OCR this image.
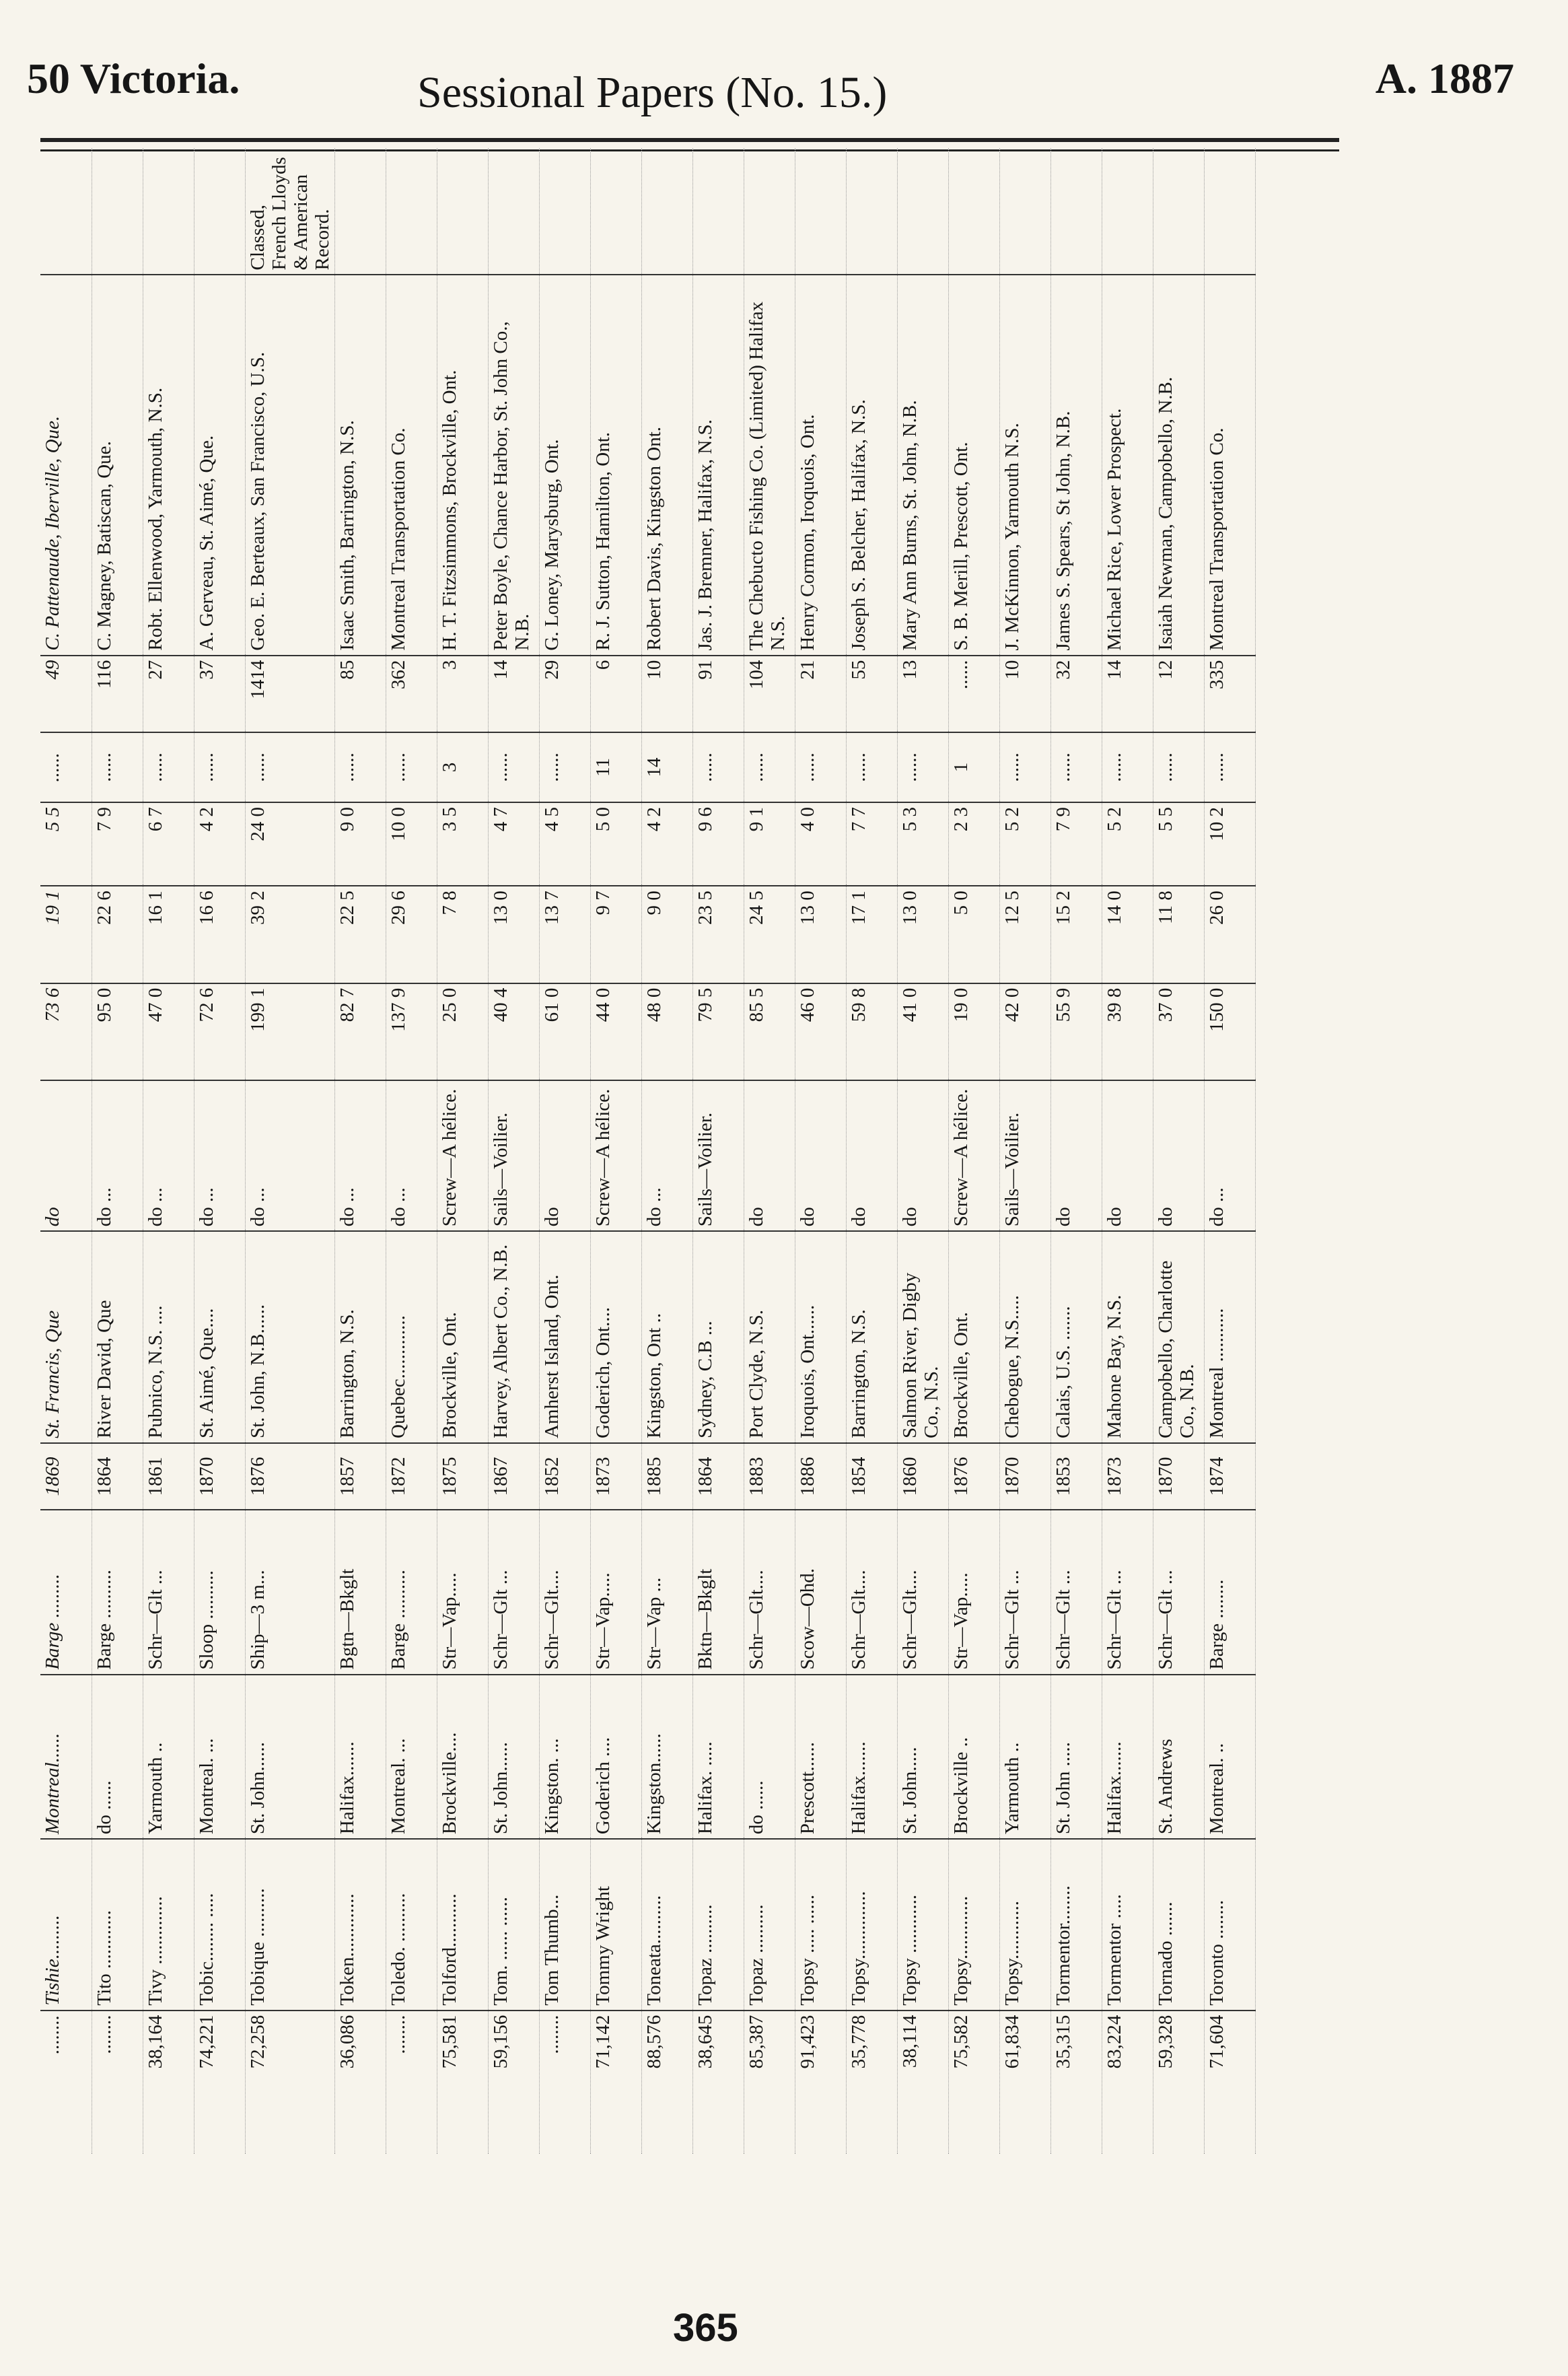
50 Victoria.	Sessional Papers (No. 15.)	A. 1887
........	Tishie.........	Montreal......	Barge .........	1869	St. Francis, Que	do	73 6	19 1	5 5	......	49	C. Pattenaude, Iberville, Que.	
........	Tito ............	do ......	Barge ..........	1864	River David, Que	do ...	95 0	22 6	7 9	......	116	C. Magney, Batiscan, Que.	
38,164	Tivy ..............	Yarmouth ..	Schr—Glt ...	1861	Pubnico, N.S. ....	do ...	47 0	16 1	6 7	......	27	Robt. Ellenwood, Yarmouth, N.S.	
74,221	Tobic........ .....	Montreal. ...	Sloop ..........	1870	St. Aimé, Que....	do ...	72 6	16 6	4 2	......	37	A. Gerveau, St. Aimé, Que.	
72,258	Tobique ..........	St. John......	Ship—3 m...	1876	St. John, N.B......	do ...	199 1	39 2	24 0	......	1414	Geo. E. Berteaux, San Francisco, U.S.	Classed, French Lloyds & American Record.
36,086	Token.............	Halifax.......	Bgtn—Bkglt	1857	Barrington, N.S.	do ...	82 7	22 5	9 0	......	85	Isaac Smith, Barrington, N.S.	
........	Toledo. ..........	Montreal. ...	Barge ..........	1872	Quebec.............	do ...	137 9	29 6	10 0	......	362	Montreal Transportation Co.	
75,581	Tolford...........	Brockville....	Str—Vap.....	1875	Brockville, Ont.	Screw—A hélice.	25 0	7 8	3 5	3	3	H. T. Fitzsimmons, Brockville, Ont.	
59,156	Tom. ...... ......	St. John......	Schr—Glt ...	1867	Harvey, Albert Co., N.B.	Sails—Voilier.	40 4	13 0	4 7	......	14	Peter Boyle, Chance Harbor, St. John Co., N.B.	
........	Tom Thumb...	Kingston. ...	Schr—Glt....	1852	Amherst Island, Ont.	do	61 0	13 7	4 5	......	29	G. Loney, Marysburg, Ont.	
71,142	Tommy Wright	Goderich ....	Str—Vap.....	1873	Goderich, Ont....	Screw—A hélice.	44 0	9 7	5 0	11	6	R. J. Sutton, Hamilton, Ont.	
88,576	Toneata..........	Kingston......	Str—Vap ...	1885	Kingston, Ont ..	do ...	48 0	9 0	4 2	14	10	Robert Davis, Kingston Ont.	
38,645	Topaz ..........	Halifax. .....	Bktn—Bkglt	1864	Sydney, C.B ...	Sails—Voilier.	79 5	23 5	9 6	......	91	Jas. J. Bremner, Halifax, N.S.	
85,387	Topaz ..........	do ......	Schr—Glt....	1883	Port Clyde, N.S.	do	85 5	24 5	9 1	......	104	The Chebucto Fishing Co. (Limited) Halifax N.S.	
91,423	Topsy ..... ......	Prescott......	Scow—Ohd.	1886	Iroquois, Ont......	do	46 0	13 0	4 0	......	21	Henry Cormon, Iroquois, Ont.	
35,778	Topsy..............	Halifax.......	Schr—Glt....	1854	Barrington, N.S.	do	59 8	17 1	7 7	......	55	Joseph S. Belcher, Halifax, N.S.	
38,114	Topsy ............	St. John.....	Schr—Glt....	1860	Salmon River, Digby Co., N.S.	do	41 0	13 0	5 3	......	13	Mary Ann Burns, St. John, N.B.	
75,582	Topsy.............	Brockville ..	Str—Vap.....	1876	Brockville, Ont.	Screw—A hélice.	19 0	5 0	2 3	1	......	S. B. Merill, Prescott, Ont.	
61,834	Topsy............	Yarmouth ..	Schr—Glt ...	1870	Chebogue, N.S.....	Sails—Voilier.	42 0	12 5	5 2	......	10	J. McKinnon, Yarmouth N.S.	
35,315	Tormentor........	St. John .....	Schr—Glt ...	1853	Calais, U.S. .......	do	55 9	15 2	7 9	......	32	James S. Spears, St John, N.B.	
83,224	Tormentor .....	Halifax.......	Schr—Glt ...	1873	Mahone Bay, N.S.	do	39 8	14 0	5 2	......	14	Michael Rice, Lower Prospect.	
59,328	Tornado .......	St. Andrews	Schr—Glt ...	1870	Campobello, Charlotte Co., N.B.	do	37 0	11 8	5 5	......	12	Isaiah Newman, Campobello, N.B.	
71,604	Toronto ........	Montreal. ..	Barge ........	1874	Montreal ...........	do ...	150 0	26 0	10 2	......	335	Montreal Transportation Co.	
365
